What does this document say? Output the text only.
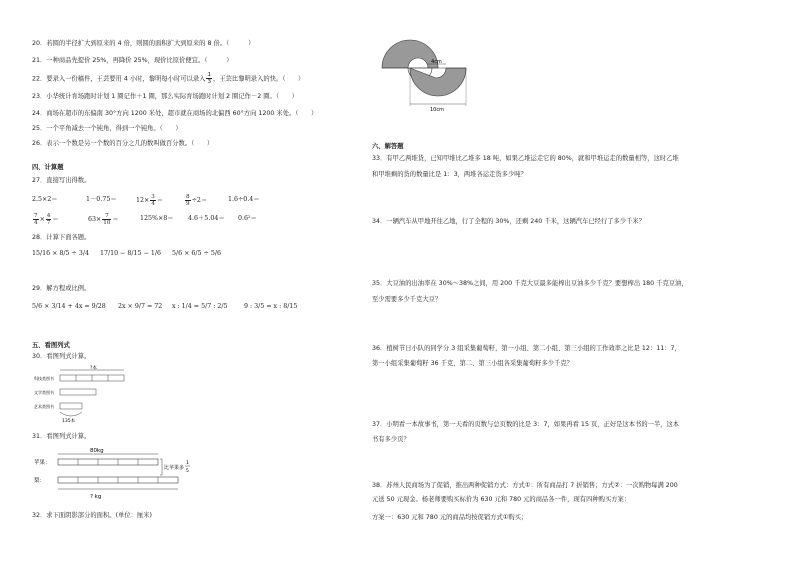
20．若圆的半径扩大到原来的 4 倍，则圆的面积扩大到原来的 8 倍。（　　　）
21．一种商品先提价 25%，再降价 25%，现价比原价便宜。（　　　）
22．要录入一份稿件，王芸要用 4 小时，黎明每小时可以录入 $\frac{1}{3}$ ，王芸比黎明录入的快。（　　）
23．小华统计育场跑时计划 1 圈记作＋1 圈，那么实际育场跑时计划 2 圈记作－2 圈。（　　）
24．商场在超市的东偏南 30°方向 1200 米处，超市就在商场的北偏西 60°方向 1200 米处。（　　）
25．一个平角减去一个钝角，得到一个钝角。（　　）
26．表示一个数是另一个数的百分之几的数叫做百分数。（　　）
四、计算题
27．直接写出得数。
2.5×2＝	1－0.75＝	$12\times \frac{3}{4}$ ＝	$\frac{8}{9} \div 2=$	1.6÷0.4＝
$\frac{7}{4} \times \frac{4}{7}$ ＝	$63\times \frac{7}{10}$ ＝	125%×8＝ 4.6＋5.04＝ 0.6²＝
28．计算下面各题。
15/16 × 8/5 ÷ 3/4 17/10 − 8/15 − 1/6 5/6 × 6/5 ÷ 5/6
29．解方程或比例。
5/6 × 3/14 + 4x = 9/28 2x × 9/7 = 72 x : 1/4 = 5/7 : 2/5	9 : 3/5 = x : 8/15
五、看图列式
30．看图列式计算。
?本
科技类图书
文学类图书
艺术类图书
135本
31．看图列式计算。
80kg
苹果：
比苹果多
1
5
梨：
? kg
32．求下面阴影部分的面积。(单位：厘米)
4cm
10cm
六、解答题
33．有甲乙两堆货，已知甲堆比乙堆多 18 吨，如果乙堆运走它的 80%，就和甲堆运走的数量相等，这时乙堆
和甲堆剩的货的数量比是 1：3，两堆各运走货多少吨？
34．一辆汽车从甲地开往乙地，行了全程的 30%，还剩 240 千米，这辆汽车已经行了多少千米？
35．大豆油的出油率在 30%～38%之间，用 200 千克大豆最多能榨出豆油多少千克？要想榨出 180 千克豆油，
至少需要多少千克大豆？
36．植树节日小队的同学分 3 组采集葡萄籽，第一小组、第二小组、第三小组的工作效率之比是 12：11：7，
第一小组采集葡萄籽 36 千克，第二、第三小组各采集葡萄籽多少千克？
37．小明看一本故事书，第一天看的页数与总页数的比是 3：7，如果再看 15 页，正好是这本书的一半，这本
书有多少页？
38．苏州人民商场为了促销，推出两种促销方式：方式①：所有商品打 7 折销售；方式②：一次购物每满 200
元送 50 元现金。杨老师要购买标价为 630 元和 780 元的商品各一件，现有四种购买方案：
方案一：630 元和 780 元的商品均按促销方式①购买；
